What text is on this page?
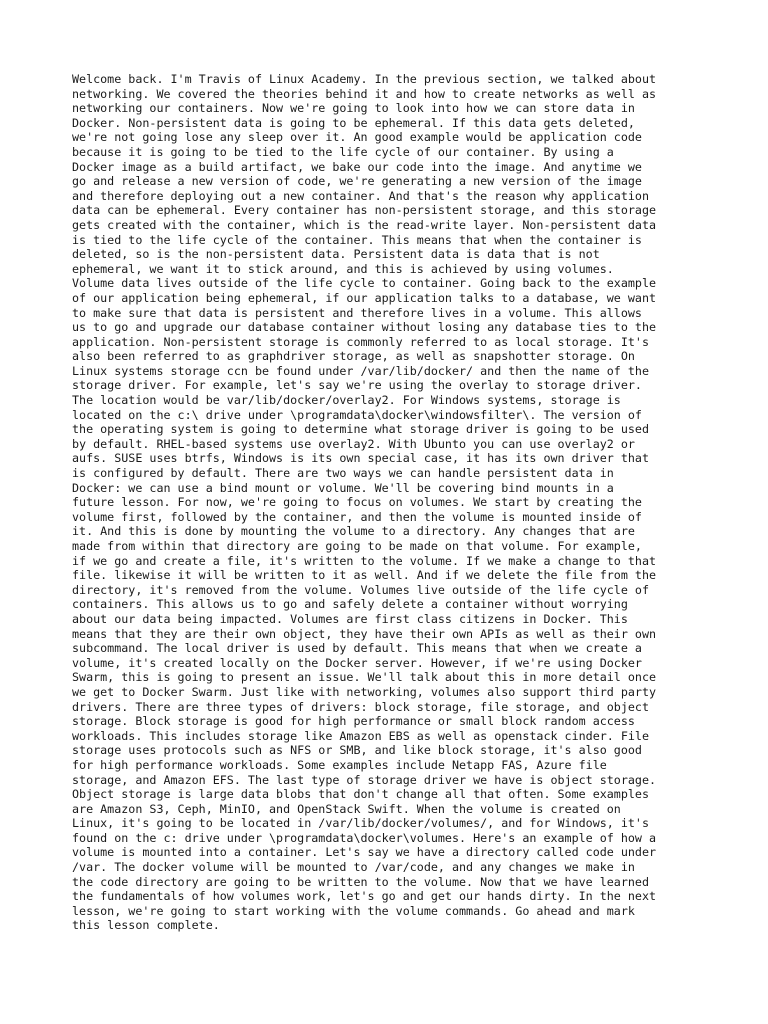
Welcome back. I'm Travis of Linux Academy. In the previous section, we talked about
networking. We covered the theories behind it and how to create networks as well as
networking our containers. Now we're going to look into how we can store data in
Docker. Non-persistent data is going to be ephemeral. If this data gets deleted,
we're not going lose any sleep over it. An good example would be application code
because it is going to be tied to the life cycle of our container. By using a
Docker image as a build artifact, we bake our code into the image. And anytime we
go and release a new version of code, we're generating a new version of the image
and therefore deploying out a new container. And that's the reason why application
data can be ephemeral. Every container has non-persistent storage, and this storage
gets created with the container, which is the read-write layer. Non-persistent data
is tied to the life cycle of the container. This means that when the container is
deleted, so is the non-persistent data. Persistent data is data that is not
ephemeral, we want it to stick around, and this is achieved by using volumes.
Volume data lives outside of the life cycle to container. Going back to the example
of our application being ephemeral, if our application talks to a database, we want
to make sure that data is persistent and therefore lives in a volume. This allows
us to go and upgrade our database container without losing any database ties to the
application. Non-persistent storage is commonly referred to as local storage. It's
also been referred to as graphdriver storage, as well as snapshotter storage. On
Linux systems storage ccn be found under /var/lib/docker/ and then the name of the
storage driver. For example, let's say we're using the overlay to storage driver.
The location would be var/lib/docker/overlay2. For Windows systems, storage is
located on the c:\ drive under \programdata\docker\windowsfilter\. The version of
the operating system is going to determine what storage driver is going to be used
by default. RHEL-based systems use overlay2. With Ubunto you can use overlay2 or
aufs. SUSE uses btrfs, Windows is its own special case, it has its own driver that
is configured by default. There are two ways we can handle persistent data in
Docker: we can use a bind mount or volume. We'll be covering bind mounts in a
future lesson. For now, we're going to focus on volumes. We start by creating the
volume first, followed by the container, and then the volume is mounted inside of
it. And this is done by mounting the volume to a directory. Any changes that are
made from within that directory are going to be made on that volume. For example,
if we go and create a file, it's written to the volume. If we make a change to that
file. likewise it will be written to it as well. And if we delete the file from the
directory, it's removed from the volume. Volumes live outside of the life cycle of
containers. This allows us to go and safely delete a container without worrying
about our data being impacted. Volumes are first class citizens in Docker. This
means that they are their own object, they have their own APIs as well as their own
subcommand. The local driver is used by default. This means that when we create a
volume, it's created locally on the Docker server. However, if we're using Docker
Swarm, this is going to present an issue. We'll talk about this in more detail once
we get to Docker Swarm. Just like with networking, volumes also support third party
drivers. There are three types of drivers: block storage, file storage, and object
storage. Block storage is good for high performance or small block random access
workloads. This includes storage like Amazon EBS as well as openstack cinder. File
storage uses protocols such as NFS or SMB, and like block storage, it's also good
for high performance workloads. Some examples include Netapp FAS, Azure file
storage, and Amazon EFS. The last type of storage driver we have is object storage.
Object storage is large data blobs that don't change all that often. Some examples
are Amazon S3, Ceph, MinIO, and OpenStack Swift. When the volume is created on
Linux, it's going to be located in /var/lib/docker/volumes/, and for Windows, it's
found on the c: drive under \programdata\docker\volumes. Here's an example of how a
volume is mounted into a container. Let's say we have a directory called code under
/var. The docker volume will be mounted to /var/code, and any changes we make in
the code directory are going to be written to the volume. Now that we have learned
the fundamentals of how volumes work, let's go and get our hands dirty. In the next
lesson, we're going to start working with the volume commands. Go ahead and mark
this lesson complete.
